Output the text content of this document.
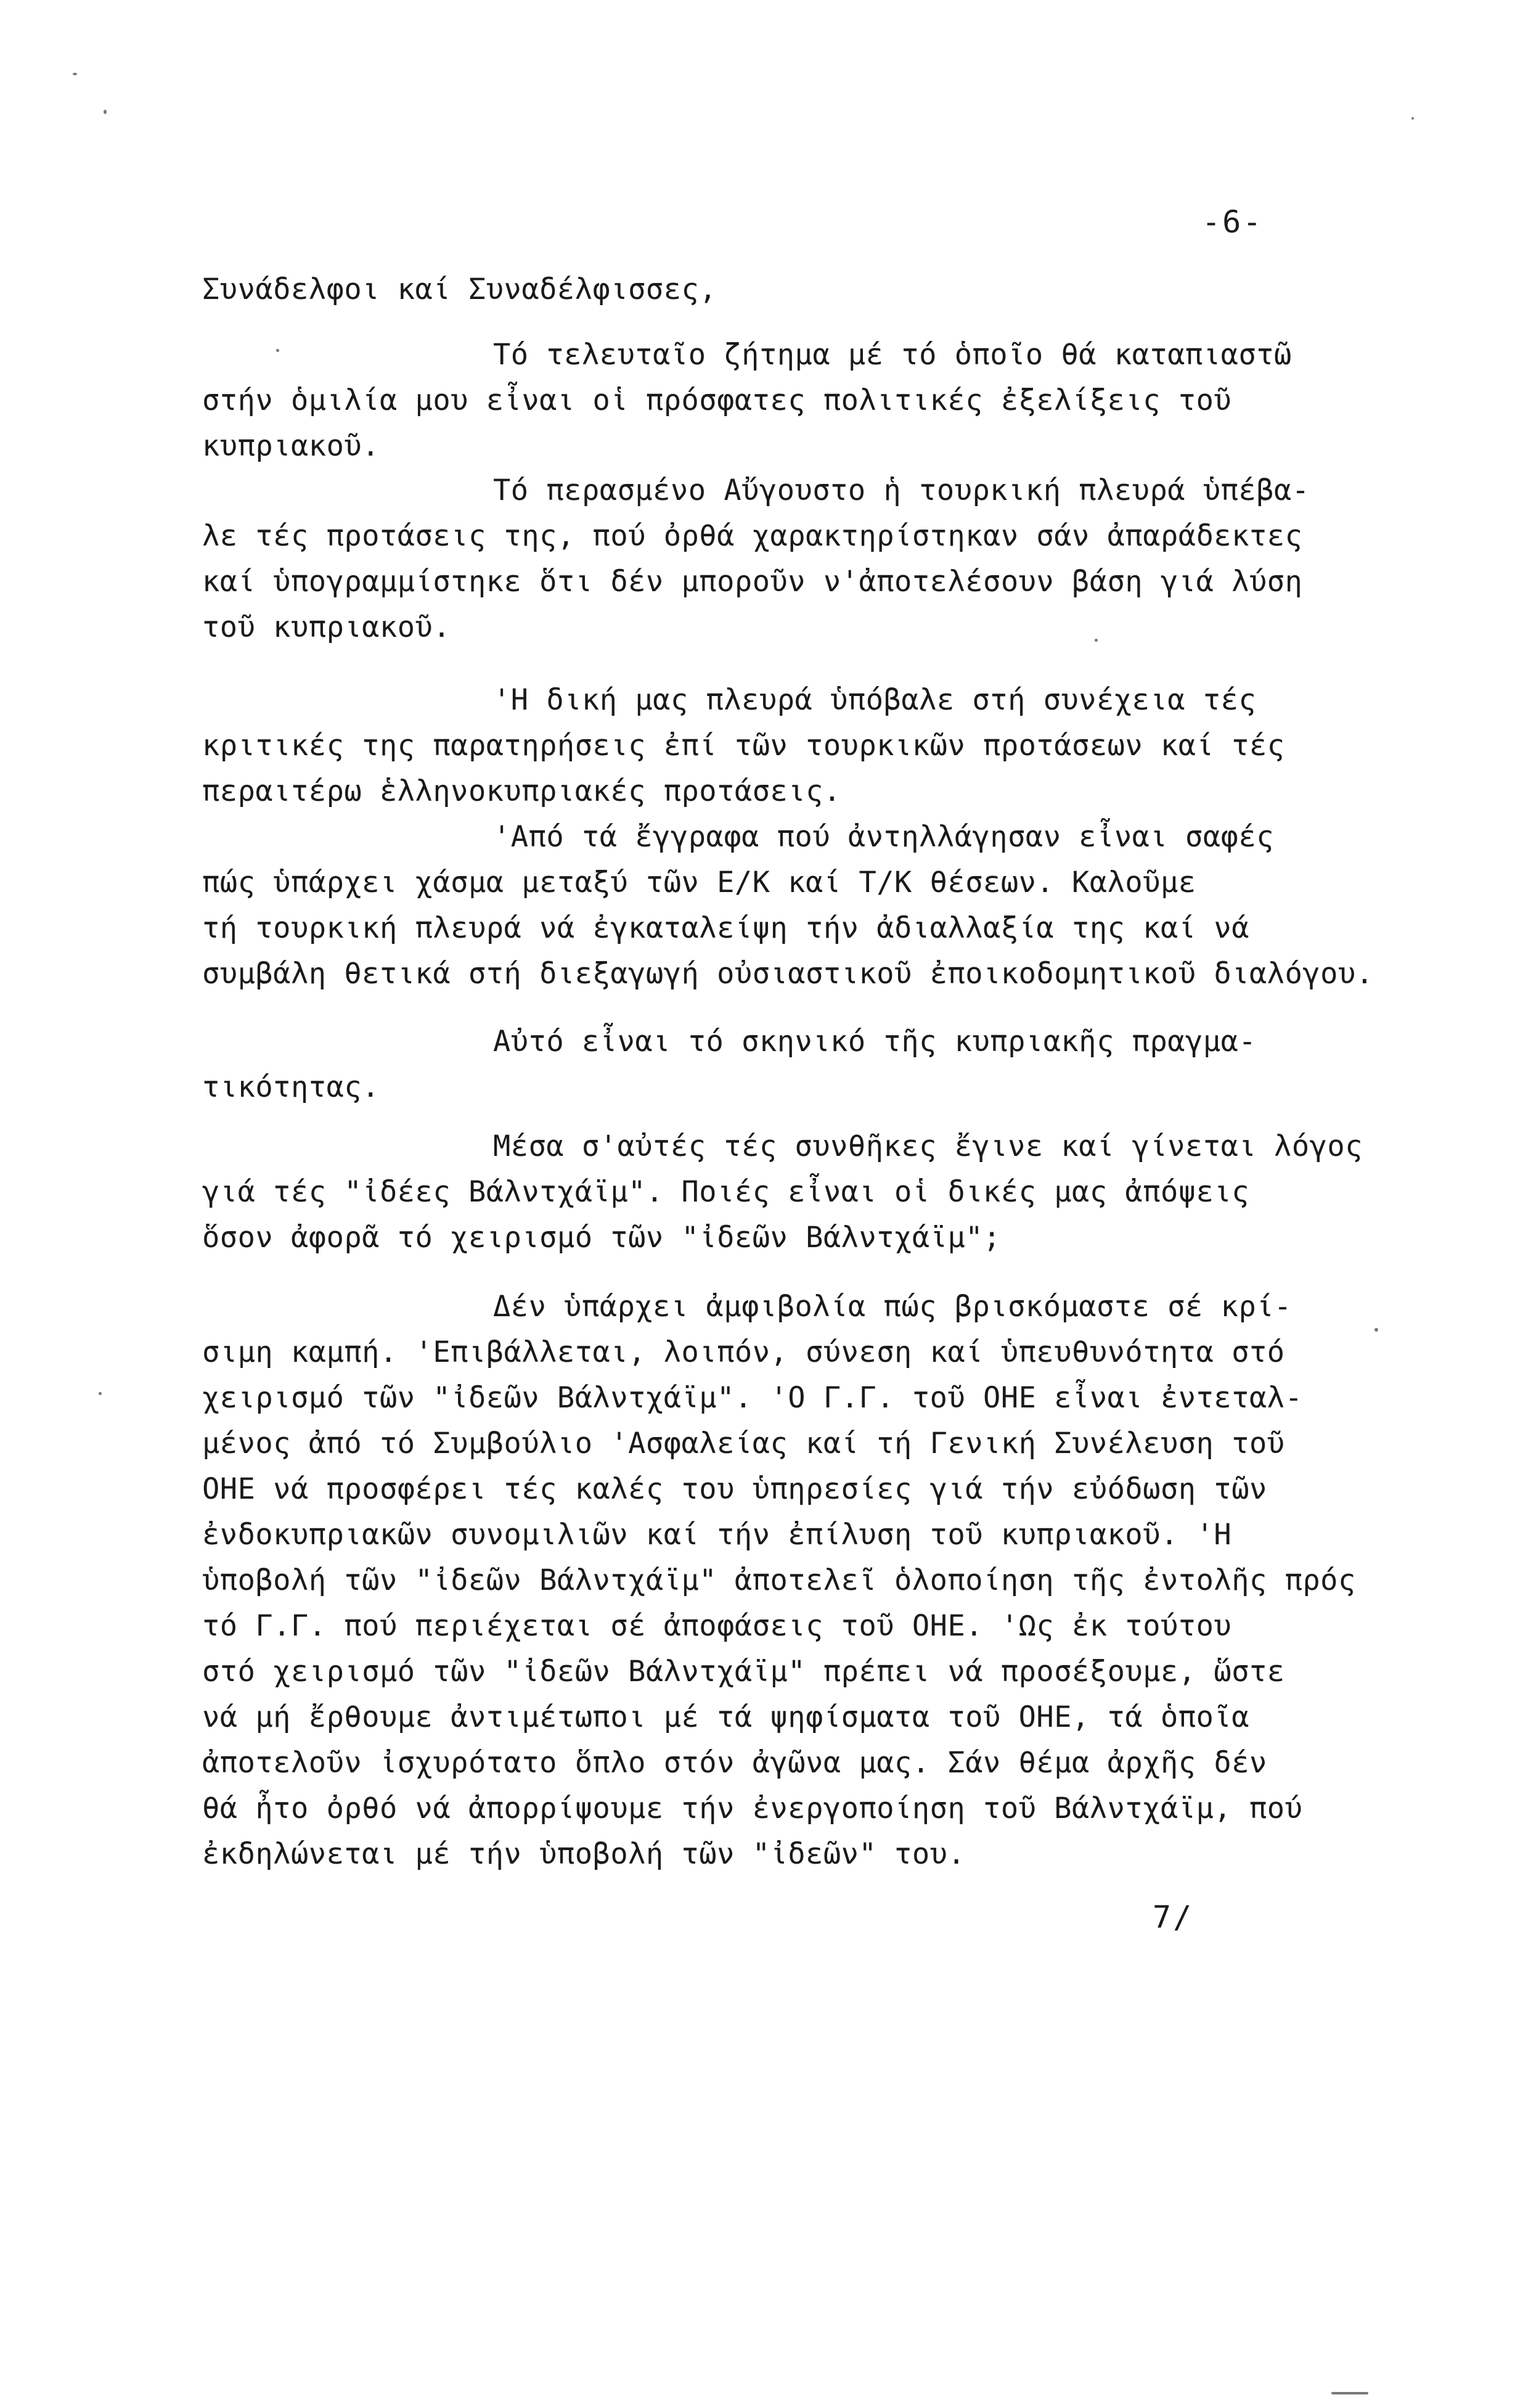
-6-
Συνάδελφοι καί Συναδέλφισσες,
Τό τελευταῖο ζήτημα μέ τό ὁποῖο θά καταπιαστῶ
στήν ὁμιλία μου εἶναι οἱ πρόσφατες πολιτικές ἐξελίξεις τοῦ
κυπριακοῦ.
Τό περασμένο Αὔγουστο ἡ τουρκική πλευρά ὑπέβα-
λε τές προτάσεις της, πού ὀρθά χαρακτηρίστηκαν σάν ἀπαράδεκτες
καί ὑπογραμμίστηκε ὅτι δέν μποροῦν ν'ἀποτελέσουν βάση γιά λύση
τοῦ κυπριακοῦ.
'Η δική μας πλευρά ὑπόβαλε στή συνέχεια τές
κριτικές της παρατηρήσεις ἐπί τῶν τουρκικῶν προτάσεων καί τές
περαιτέρω ἑλληνοκυπριακές προτάσεις.
'Από τά ἔγγραφα πού ἀντηλλάγησαν εἶναι σαφές
πώς ὑπάρχει χάσμα μεταξύ τῶν Ε/Κ καί Τ/Κ θέσεων. Καλοῦμε
τή τουρκική πλευρά νά ἐγκαταλείψη τήν ἀδιαλλαξία της καί νά
συμβάλη θετικά στή διεξαγωγή οὐσιαστικοῦ ἐποικοδομητικοῦ διαλόγου.
Αὐτό εἶναι τό σκηνικό τῆς κυπριακῆς πραγμα-
τικότητας.
Μέσα σ'αὐτές τές συνθῆκες ἔγινε καί γίνεται λόγος
γιά τές "ἰδέες Βάλντχάϊμ". Ποιές εἶναι οἱ δικές μας ἀπόψεις
ὅσον ἀφορᾶ τό χειρισμό τῶν "ἰδεῶν Βάλντχάϊμ";
Δέν ὑπάρχει ἀμφιβολία πώς βρισκόμαστε σέ κρί-
σιμη καμπή. 'Επιβάλλεται, λοιπόν, σύνεση καί ὑπευθυνότητα στό
χειρισμό τῶν "ἰδεῶν Βάλντχάϊμ". 'Ο Γ.Γ. τοῦ ΟΗΕ εἶναι ἐντεταλ-
μένος ἀπό τό Συμβούλιο 'Ασφαλείας καί τή Γενική Συνέλευση τοῦ
ΟΗΕ νά προσφέρει τές καλές του ὑπηρεσίες γιά τήν εὐόδωση τῶν
ἐνδοκυπριακῶν συνομιλιῶν καί τήν ἐπίλυση τοῦ κυπριακοῦ. 'Η
ὑποβολή τῶν "ἰδεῶν Βάλντχάϊμ" ἀποτελεῖ ὁλοποίηση τῆς ἐντολῆς πρός
τό Γ.Γ. πού περιέχεται σέ ἀποφάσεις τοῦ ΟΗΕ. 'Ως ἐκ τούτου
στό χειρισμό τῶν "ἰδεῶν Βάλντχάϊμ" πρέπει νά προσέξουμε, ὥστε
νά μή ἔρθουμε ἀντιμέτωποι μέ τά ψηφίσματα τοῦ ΟΗΕ, τά ὁποῖα
ἀποτελοῦν ἰσχυρότατο ὅπλο στόν ἀγῶνα μας. Σάν θέμα ἀρχῆς δέν
θά ἦτο ὀρθό νά ἀπορρίψουμε τήν ἐνεργοποίηση τοῦ Βάλντχάϊμ, πού
ἐκδηλώνεται μέ τήν ὑποβολή τῶν "ἰδεῶν" του.
7/
